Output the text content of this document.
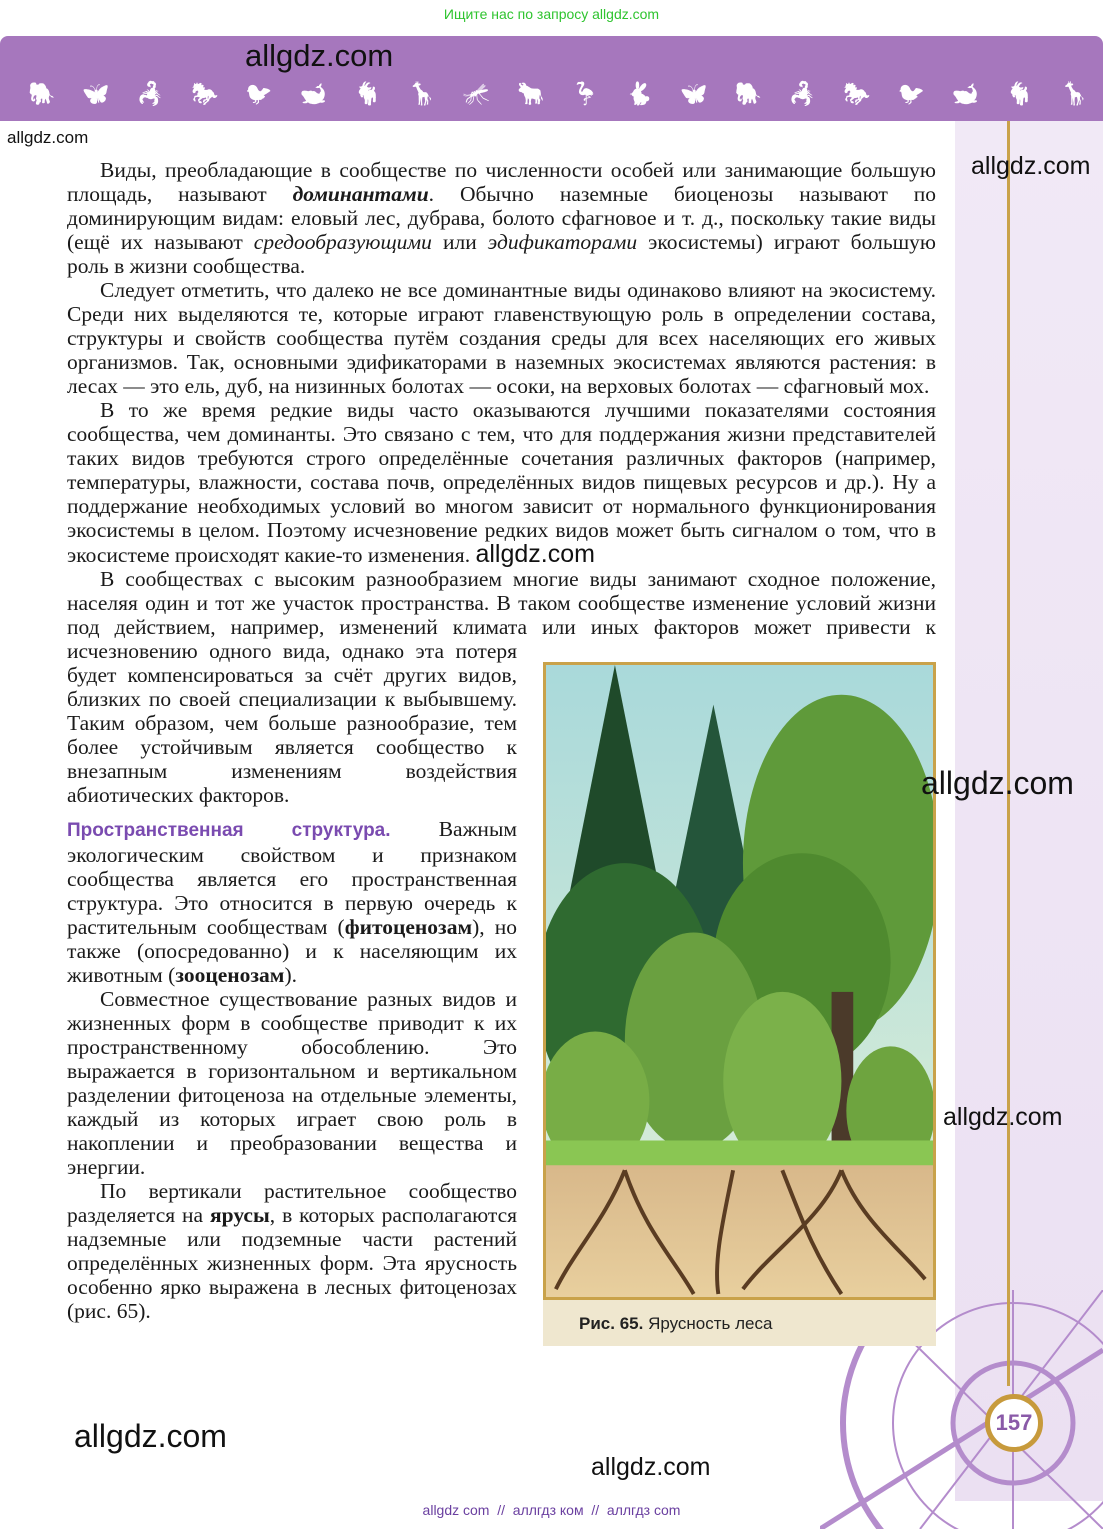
Ищите нас по запросу allgdz.com
🐘 🦋 🦂 🐎 🐦 🐋 🐐 🦒 🦟 🐂 🦩 🐇 🦋 🐘 🦂 🐎 🐦 🐋 🐐 🦒
allgdz.com
157

Виды, преобладающие в сообществе по численности особей или занимающие большую площадь, называют доминантами. Обычно наземные биоценозы называют по доминирующим видам: еловый лес, дубрава, болото сфагновое и т. д., поскольку такие виды (ещё их называют средообразующими или эдификаторами экосистемы) играют большую роль в жизни сообщества.

Следует отметить, что далеко не все доминантные виды одинаково влияют на экосистему. Среди них выделяются те, которые играют главенствующую роль в определении состава, структуры и свойств сообщества путём создания среды для всех населяющих его живых организмов. Так, основными эдификаторами в наземных экосистемах являются растения: в лесах — это ель, дуб, на низинных болотах — осоки, на верховых болотах — сфагновый мох.

В то же время редкие виды часто оказываются лучшими показателями состояния сообщества, чем доминанты. Это связано с тем, что для поддержания жизни представителей таких видов требуются строго определённые сочетания различных факторов (например, температуры, влажности, состава почв, определённых видов пищевых ресурсов и др.). Ну а поддержание необходимых условий во многом зависит от нормального функционирования экосистемы в целом. Поэтому исчезновение редких видов может быть сигналом о том, что в экосистеме происходят какие-то изменения. allgdz.com

Рис. 65. Ярусность леса

В сообществах с высоким разнообразием многие виды занимают сходное положение, населяя один и тот же участок пространства. В таком сообществе изменение условий жизни под действием, например, изменений климата или иных факторов может привести к исчезновению одного вида, однако эта потеря будет компенсироваться за счёт других видов, близких по своей специализации к выбывшему. Таким образом, чем больше разнообразие, тем более устойчивым является сообщество к внезапным изменениям воздействия абиотических факторов.

Пространственная структура. Важным экологическим свойством и признаком сообщества является его пространственная структура. Это относится в первую очередь к растительным сообществам (фитоценозам), но также (опосредованно) и к населяющим их животным (зооценозам).

Совместное существование разных видов и жизненных форм в сообществе приводит к их пространственному обособлению. Это выражается в горизонтальном и вертикальном разделении фитоценоза на отдельные элементы, каждый из которых играет свою роль в накоплении и преобразовании вещества и энергии.

По вертикали растительное сообщество разделяется на ярусы, в которых располагаются надземные или подземные части растений определённых жизненных форм. Эта ярусность особенно ярко выражена в лесных фитоценозах (рис. 65).

allgdz.com
allgdz.com
allgdz.com
allgdz.com
allgdz.com
allgdz.com
allgdz com  //  аллгдз ком  //  аллгдз com
